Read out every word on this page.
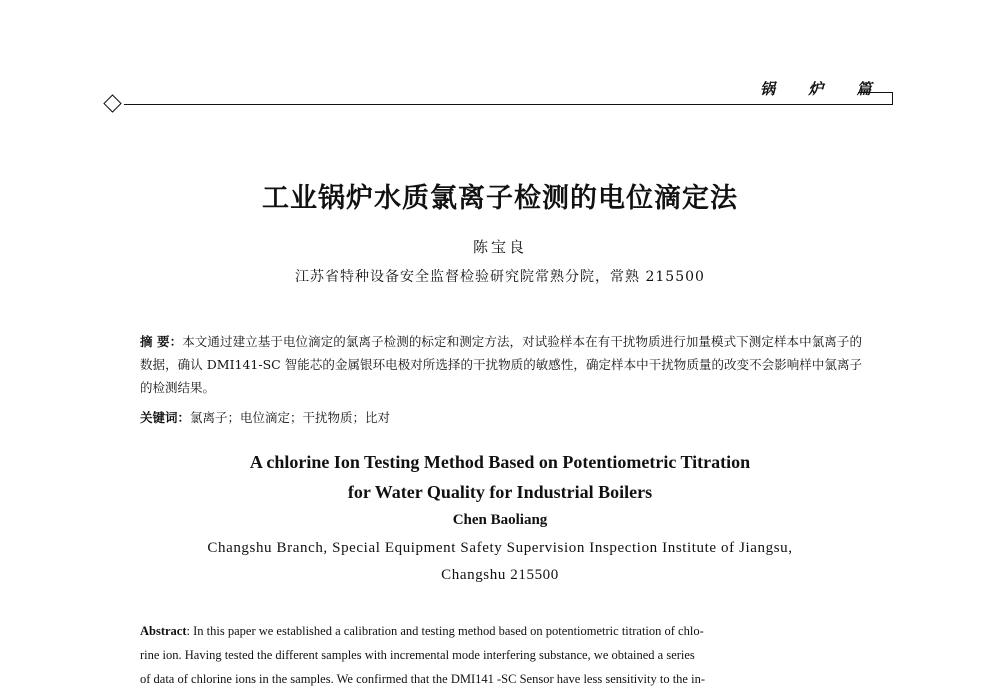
锅 炉 篇
工业锅炉水质氯离子检测的电位滴定法
陈宝良
江苏省特种设备安全监督检验研究院常熟分院，常熟 215500
摘 要：本文通过建立基于电位滴定的氯离子检测的标定和测定方法，对试验样本在有干扰物质进行加量模式下测定样本中氯离子的数据，确认 DMI141-SC 智能芯的金属银环电极对所选择的干扰物质的敏感性，确定样本中干扰物质量的改变不会影响样中氯离子的检测结果。
关键词：氯离子；电位滴定；干扰物质；比对
A chlorine Ion Testing Method Based on Potentiometric Titration
for Water Quality for Industrial Boilers
Chen Baoliang
Changshu Branch, Special Equipment Safety Supervision Inspection Institute of Jiangsu,
Changshu 215500
Abstract: In this paper we established a calibration and testing method based on potentiometric titration of chlo-
rine ion. Having tested the different samples with incremental mode interfering substance, we obtained a series
of data of chlorine ions in the samples. We confirmed that the DMI141 -SC Sensor have less sensitivity to the in-
